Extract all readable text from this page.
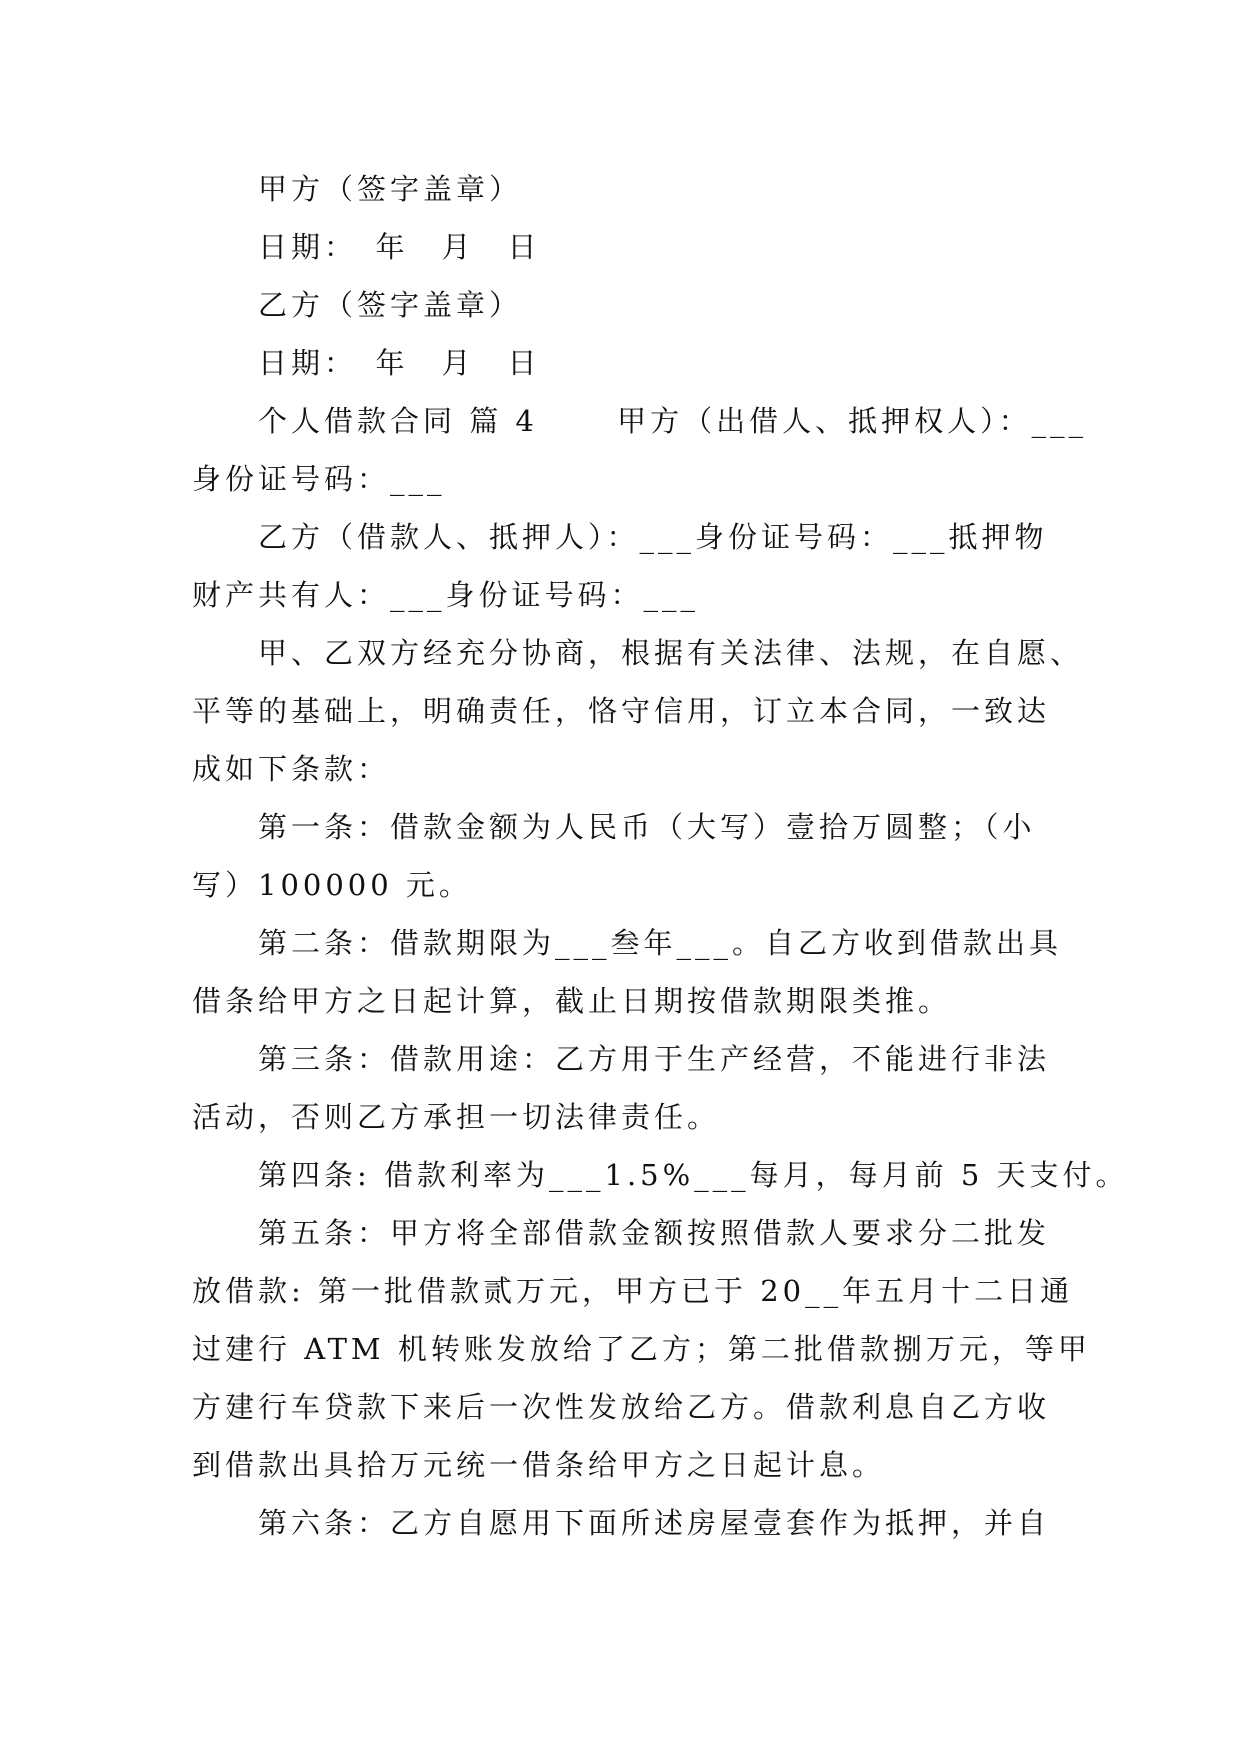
甲方（签字盖章）
日期：　年　月　日
乙方（签字盖章）
日期：　年　月　日
个人借款合同 篇 4　　 甲方（出借人、抵押权人）：___
身份证号码：___
乙方（借款人、抵押人）：___身份证号码：___抵押物
财产共有人：___身份证号码：___
甲、乙双方经充分协商，根据有关法律、法规，在自愿、
平等的基础上，明确责任，恪守信用，订立本合同，一致达
成如下条款：
第一条：借款金额为人民币（大写）壹拾万圆整；（小
写）100000 元。
第二条：借款期限为___叁年___。自乙方收到借款出具
借条给甲方之日起计算，截止日期按借款期限类推。
第三条：借款用途：乙方用于生产经营，不能进行非法
活动，否则乙方承担一切法律责任。
第四条: 借款利率为___1.5%___每月，每月前 5 天支付。
第五条：甲方将全部借款金额按照借款人要求分二批发
放借款: 第一批借款贰万元，甲方已于 20__年五月十二日通
过建行 ATM 机转账发放给了乙方；第二批借款捌万元，等甲
方建行车贷款下来后一次性发放给乙方。借款利息自乙方收
到借款出具拾万元统一借条给甲方之日起计息。
第六条：乙方自愿用下面所述房屋壹套作为抵押，并自
